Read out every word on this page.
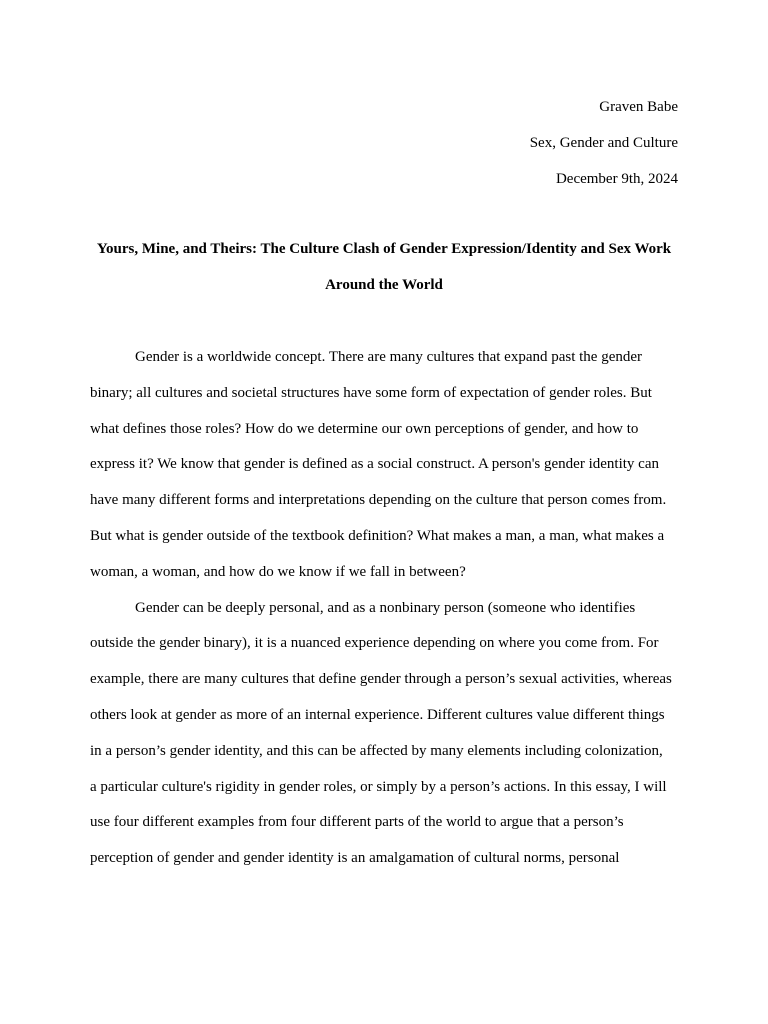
Graven Babe
Sex, Gender and Culture
December 9th, 2024
Yours, Mine, and Theirs: The Culture Clash of Gender Expression/Identity and Sex Work
Around the World

Gender is a worldwide concept. There are many cultures that expand past the gender
binary; all cultures and societal structures have some form of expectation of gender roles. But
what defines those roles? How do we determine our own perceptions of gender, and how to
express it? We know that gender is defined as a social construct. A person's gender identity can
have many different forms and interpretations depending on the culture that person comes from.
But what is gender outside of the textbook definition? What makes a man, a man, what makes a
woman, a woman, and how do we know if we fall in between?

Gender can be deeply personal, and as a nonbinary person (someone who identifies
outside the gender binary), it is a nuanced experience depending on where you come from. For
example, there are many cultures that define gender through a person’s sexual activities, whereas
others look at gender as more of an internal experience. Different cultures value different things
in a person’s gender identity, and this can be affected by many elements including colonization,
a particular culture's rigidity in gender roles, or simply by a person’s actions. In this essay, I will
use four different examples from four different parts of the world to argue that a person’s
perception of gender and gender identity is an amalgamation of cultural norms, personal
